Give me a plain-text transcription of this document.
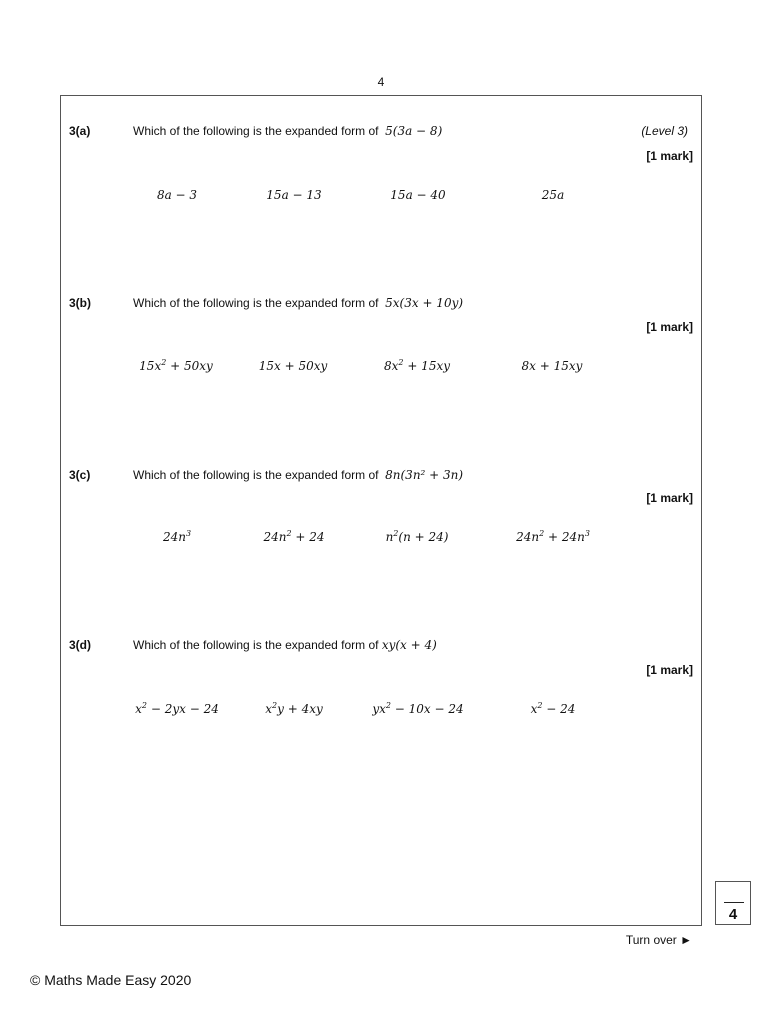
4
3(a)	Which of the following is the expanded form of 5(3a − 8)	(Level 3)
[1 mark]
8a − 3	15a − 13	15a − 40	25a
3(b)	Which of the following is the expanded form of 5x(3x + 10y)
[1 mark]
$15x^2 + 50xy$	15x + 50xy	$8x^2 + 15xy$	8x + 15xy
3(c)	Which of the following is the expanded form of 8n(3n² + 3n)
[1 mark]
$24n^3$	$24n^2 + 24$	$n^2(n + 24)$	$24n^2 + 24n^3$
3(d)	Which of the following is the expanded form of xy(x + 4)
[1 mark]
$x^2 - 2yx - 24$	$x^2y + 4xy$	$yx^2 - 10x - 24$	$x^2 - 24$
4
Turn over ►
© Maths Made Easy 2020
